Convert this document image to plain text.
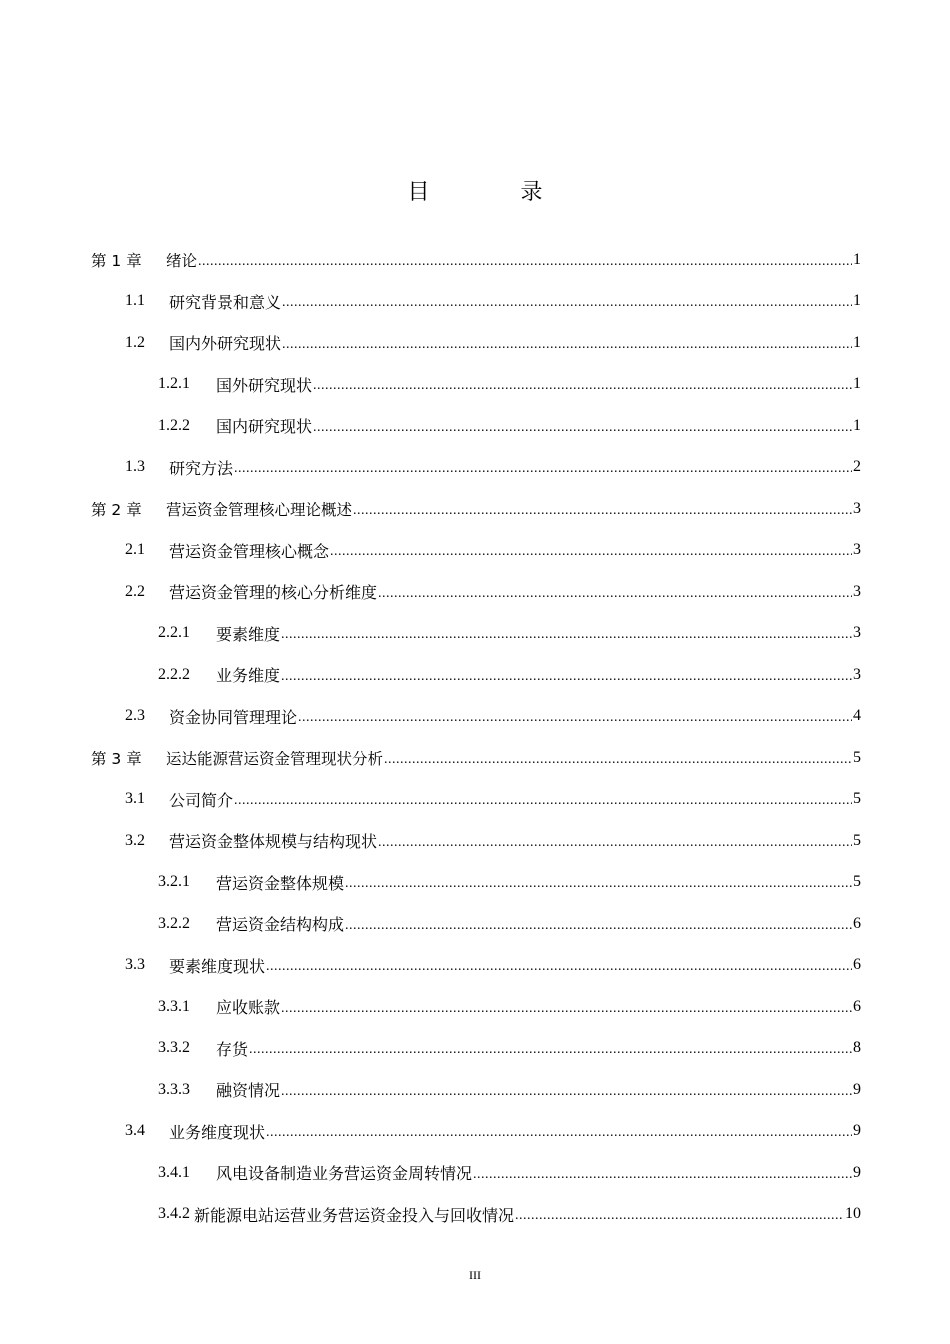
目 录
第 1 章	绪论 .....	1
1.1	研究背景和意义 .....	1
1.2	国内外研究现状 .....	1
1.2.1	国外研究现状 .....	1
1.2.2	国内研究现状 .....	1
1.3	研究方法 .....	2
第 2 章	营运资金管理核心理论概述 .....	3
2.1	营运资金管理核心概念 .....	3
2.2	营运资金管理的核心分析维度 .....	3
2.2.1	要素维度 .....	3
2.2.2	业务维度 .....	3
2.3	资金协同管理理论 .....	4
第 3 章	运达能源营运资金管理现状分析 .....	5
3.1	公司简介 .....	5
3.2	营运资金整体规模与结构现状 .....	5
3.2.1	营运资金整体规模 .....	5
3.2.2	营运资金结构构成 .....	6
3.3	要素维度现状 .....	6
3.3.1	应收账款 .....	6
3.3.2	存货 .....	8
3.3.3	融资情况 .....	9
3.4	业务维度现状 .....	9
3.4.1	风电设备制造业务营运资金周转情况 .....	9
3.4.2 新能源电站运营业务营运资金投入与回收情况 .....	10
III
